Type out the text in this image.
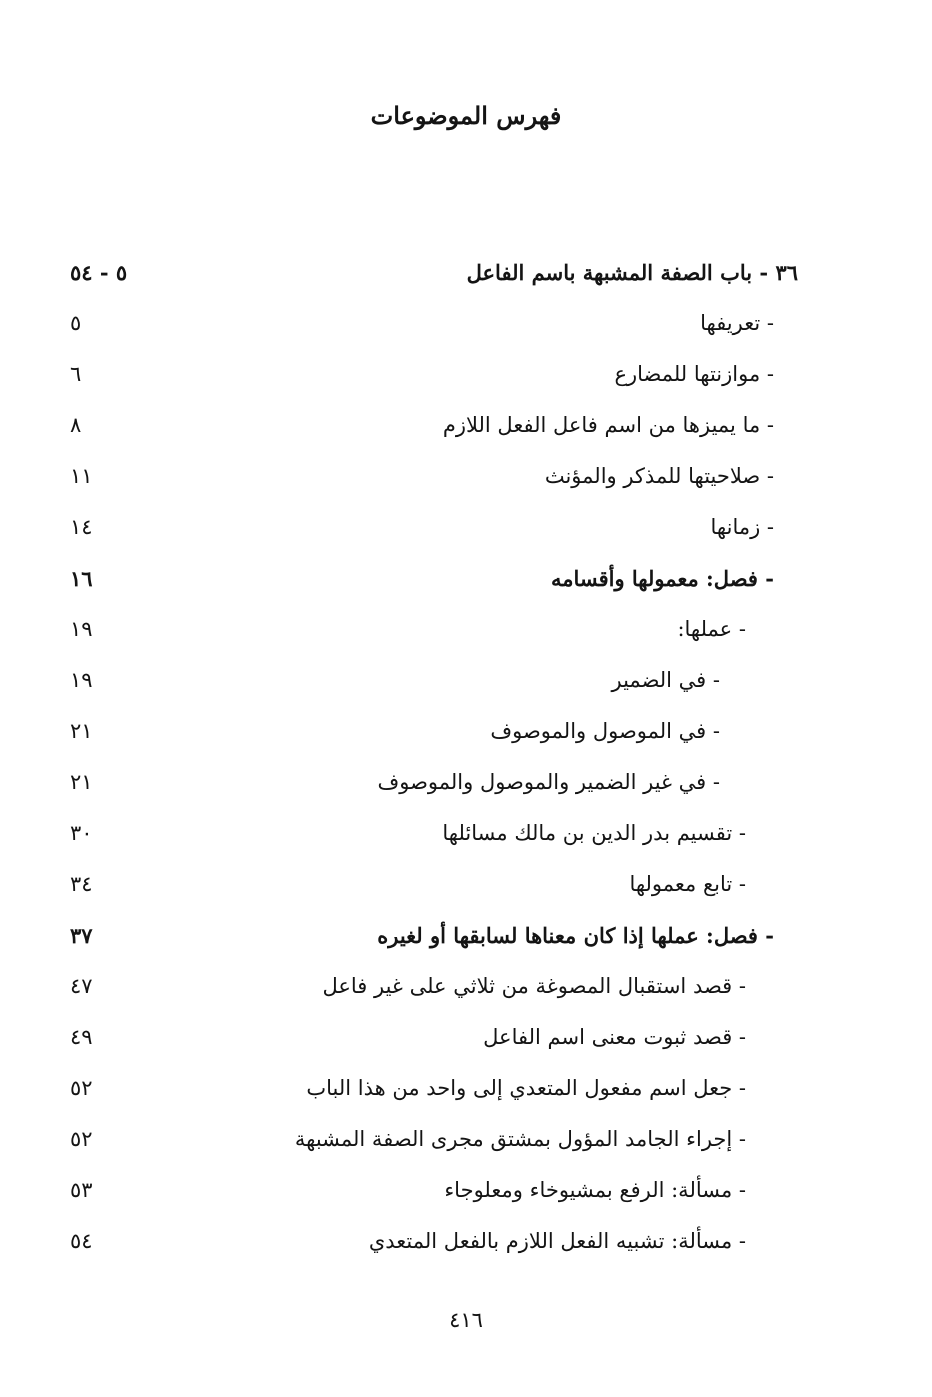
فهرس الموضوعات
٣٦ - باب الصفة المشبهة باسم الفاعل
٥ - ٥٤
- تعريفها
٥
- موازنتها للمضارع
٦
- ما يميزها من اسم فاعل الفعل اللازم
٨
- صلاحيتها للمذكر والمؤنث
١١
- زمانها
١٤
- فصل: معمولها وأقسامه
١٦
- عملها:
١٩
- في الضمير
١٩
- في الموصول والموصوف
٢١
- في غير الضمير والموصول والموصوف
٢١
- تقسيم بدر الدين بن مالك مسائلها
٣٠
- تابع معمولها
٣٤
- فصل: عملها إذا كان معناها لسابقها أو لغيره
٣٧
- قصد استقبال المصوغة من ثلاثي على غير فاعل
٤٧
- قصد ثبوت معنى اسم الفاعل
٤٩
- جعل اسم مفعول المتعدي إلى واحد من هذا الباب
٥٢
- إجراء الجامد المؤول بمشتق مجرى الصفة المشبهة
٥٢
- مسألة: الرفع بمشيوخاء ومعلوجاء
٥٣
- مسألة: تشبيه الفعل اللازم بالفعل المتعدي
٥٤
٤١٦
